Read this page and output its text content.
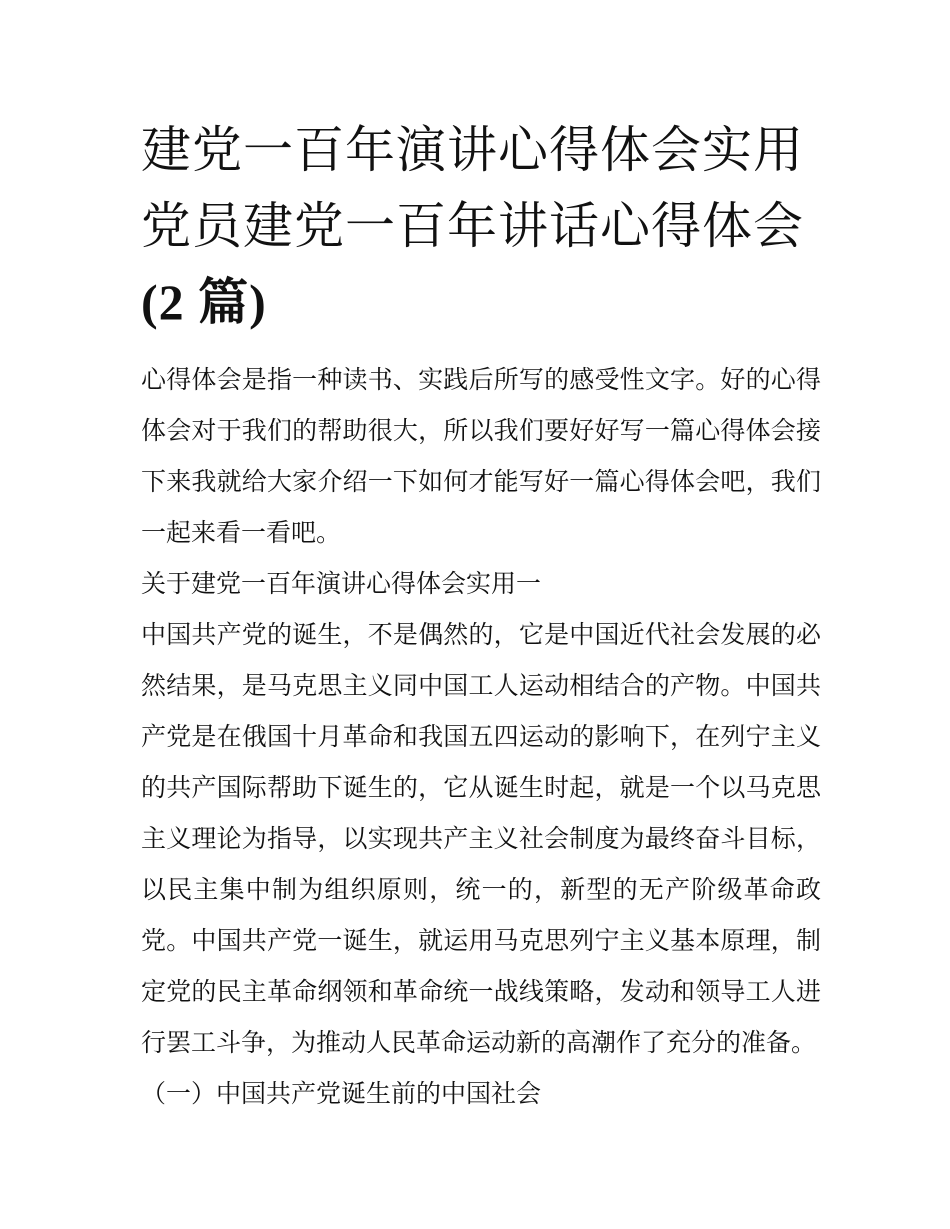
建党一百年演讲心得体会实用
党员建党一百年讲话心得体会
(2 篇)

心得体会是指一种读书、实践后所写的感受性文字。好的心得体会对于我们的帮助很大，所以我们要好好写一篇心得体会接下来我就给大家介绍一下如何才能写好一篇心得体会吧，我们一起来看一看吧。

关于建党一百年演讲心得体会实用一

中国共产党的诞生，不是偶然的，它是中国近代社会发展的必然结果，是马克思主义同中国工人运动相结合的产物。中国共产党是在俄国十月革命和我国五四运动的影响下，在列宁主义的共产国际帮助下诞生的，它从诞生时起，就是一个以马克思主义理论为指导，以实现共产主义社会制度为最终奋斗目标，以民主集中制为组织原则，统一的，新型的无产阶级革命政党。中国共产党一诞生，就运用马克思列宁主义基本原理，制定党的民主革命纲领和革命统一战线策略，发动和领导工人进行罢工斗争，为推动人民革命运动新的高潮作了充分的准备。

（一）中国共产党诞生前的中国社会
